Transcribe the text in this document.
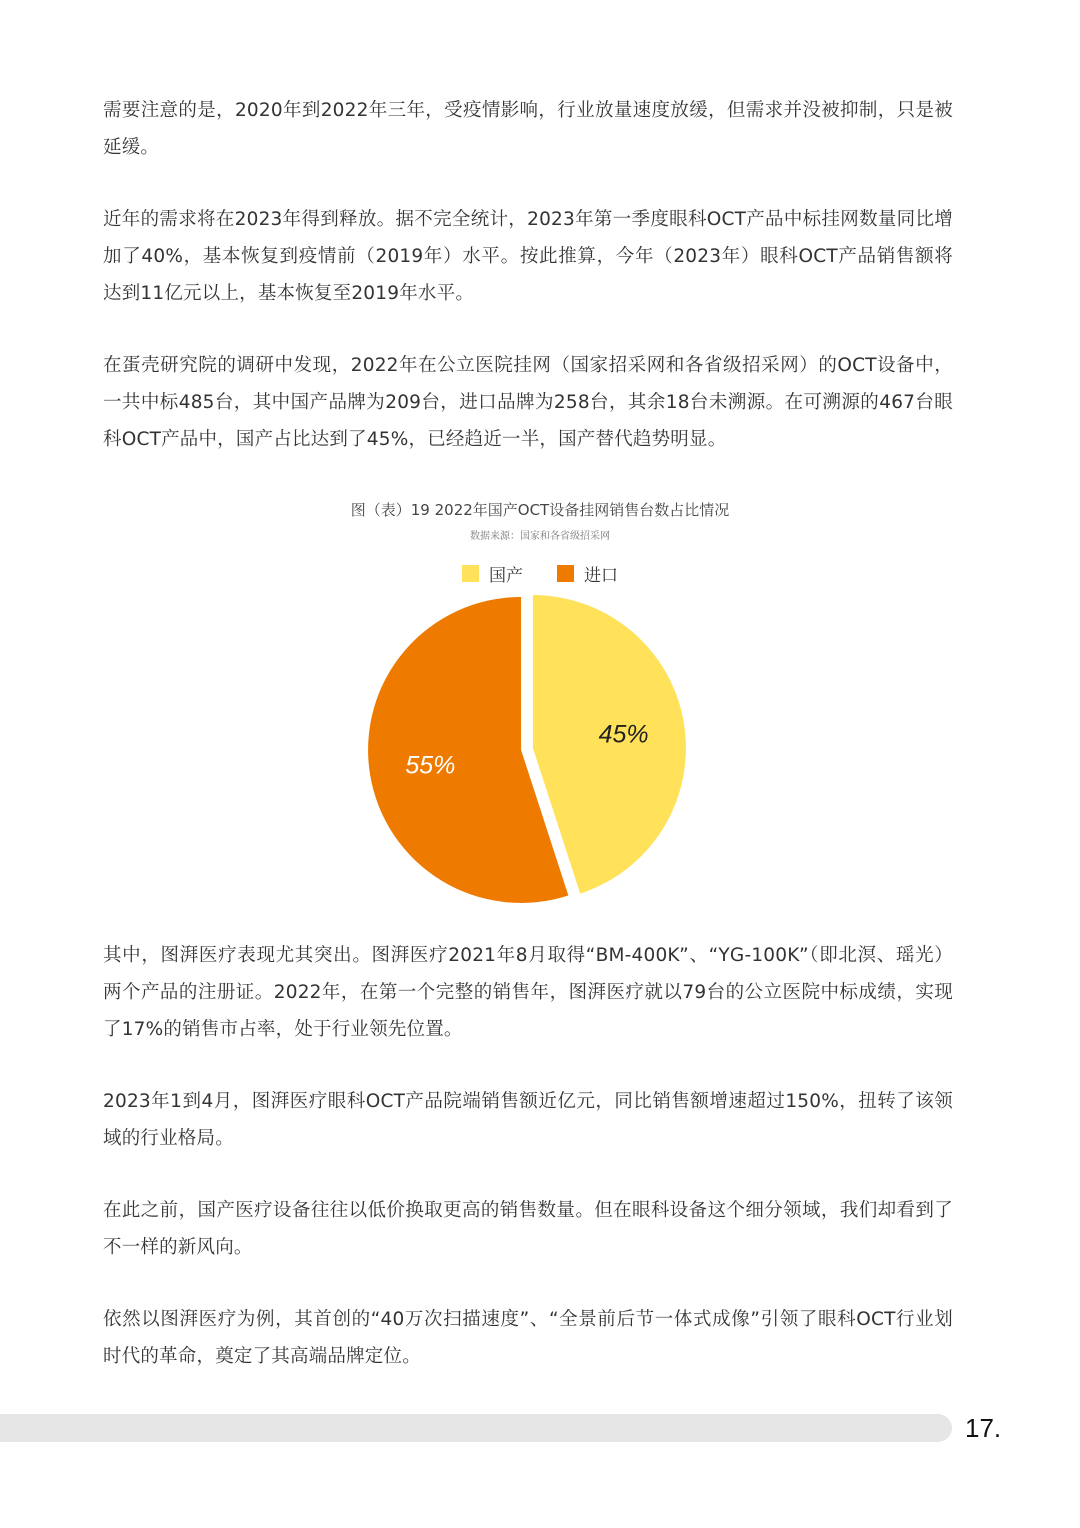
需要注意的是，2020年到2022年三年，受疫情影响，行业放量速度放缓，但需求并没被抑制，只是被延缓。

近年的需求将在2023年得到释放。据不完全统计，2023年第一季度眼科OCT产品中标挂网数量同比增加了40%，基本恢复到疫情前（2019年）水平。按此推算，今年（2023年）眼科OCT产品销售额将达到11亿元以上，基本恢复至2019年水平。

在蛋壳研究院的调研中发现，2022年在公立医院挂网（国家招采网和各省级招采网）的OCT设备中，一共中标485台，其中国产品牌为209台，进口品牌为258台，其余18台未溯源。在可溯源的467台眼科OCT产品中，国产占比达到了45%，已经趋近一半，国产替代趋势明显。

图（表）19 2022年国产OCT设备挂网销售台数占比情况
数据来源：国家和各省级招采网
国产	进口
45%
55%

其中，图湃医疗表现尤其突出。图湃医疗2021年8月取得“BM-400K”、“YG-100K”（即北溟、瑶光）两个产品的注册证。2022年，在第一个完整的销售年，图湃医疗就以79台的公立医院中标成绩，实现了17%的销售市占率，处于行业领先位置。

2023年1到4月，图湃医疗眼科OCT产品院端销售额近亿元，同比销售额增速超过150%，扭转了该领域的行业格局。

在此之前，国产医疗设备往往以低价换取更高的销售数量。但在眼科设备这个细分领域，我们却看到了不一样的新风向。

依然以图湃医疗为例，其首创的“40万次扫描速度”、“全景前后节一体式成像”引领了眼科OCT行业划时代的革命，奠定了其高端品牌定位。

17.
